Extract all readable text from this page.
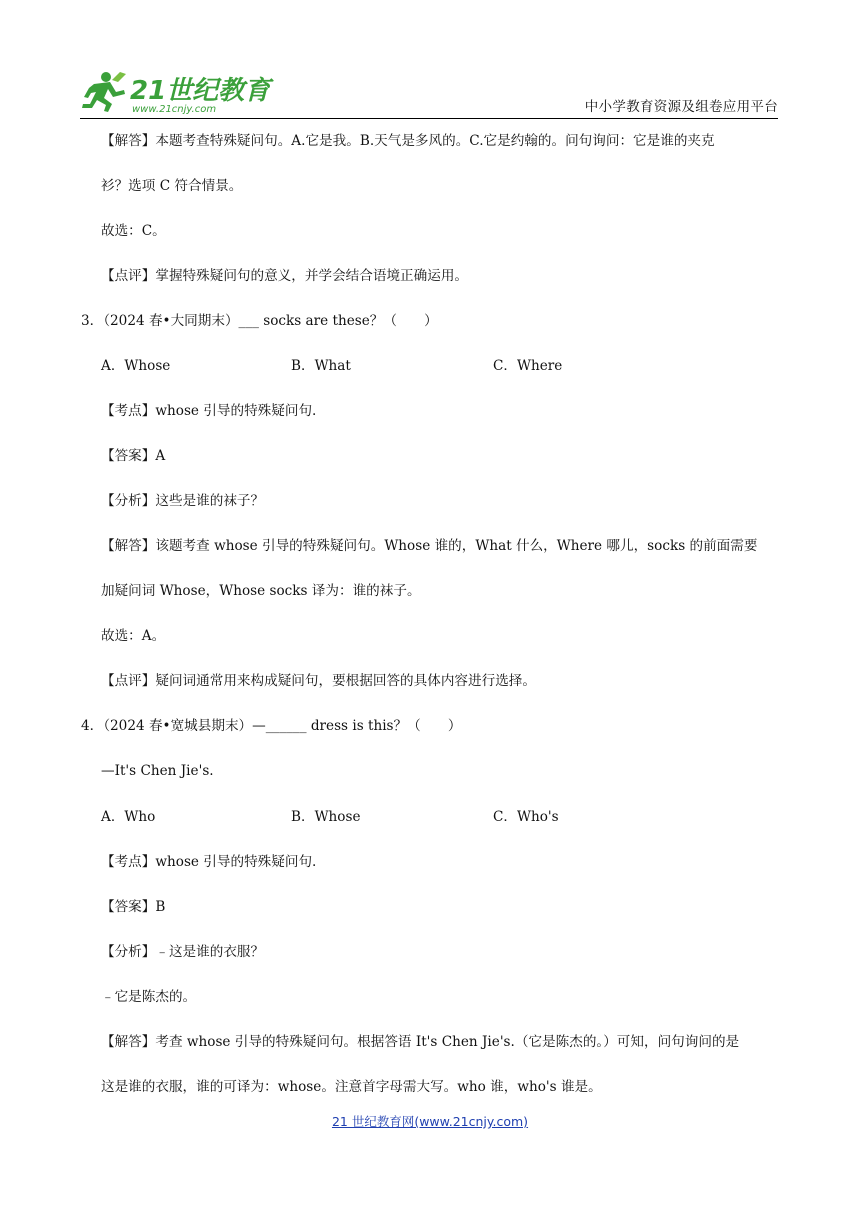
21世纪教育
www.21cnjy.com	中小学教育资源及组卷应用平台
【解答】本题考查特殊疑问句。A.它是我。B.天气是多风的。C.它是约翰的。问句询问：它是谁的夹克
衫？选项 C 符合情景。
故选：C。
【点评】掌握特殊疑问句的意义，并学会结合语境正确运用。
3．（2024 春•大同期末）___ socks are these？（　　）
A．Whose	B．What	C．Where
【考点】whose 引导的特殊疑问句.
【答案】A
【分析】这些是谁的袜子？
【解答】该题考查 whose 引导的特殊疑问句。Whose 谁的，What 什么，Where 哪儿，socks 的前面需要
加疑问词 Whose，Whose socks 译为：谁的袜子。
故选：A。
【点评】疑问词通常用来构成疑问句，要根据回答的具体内容进行选择。
4．（2024 春•宽城县期末）—______ dress is this？（　　）
—It's Chen Jie's.
A．Who	B．Whose	C．Who's
【考点】whose 引导的特殊疑问句.
【答案】B
【分析】﹣这是谁的衣服？
﹣它是陈杰的。
【解答】考查 whose 引导的特殊疑问句。根据答语 It's Chen Jie's.（它是陈杰的。）可知，问句询问的是
这是谁的衣服，谁的可译为：whose。注意首字母需大写。who 谁，who's 谁是。
21 世纪教育网(www.21cnjy.com)
